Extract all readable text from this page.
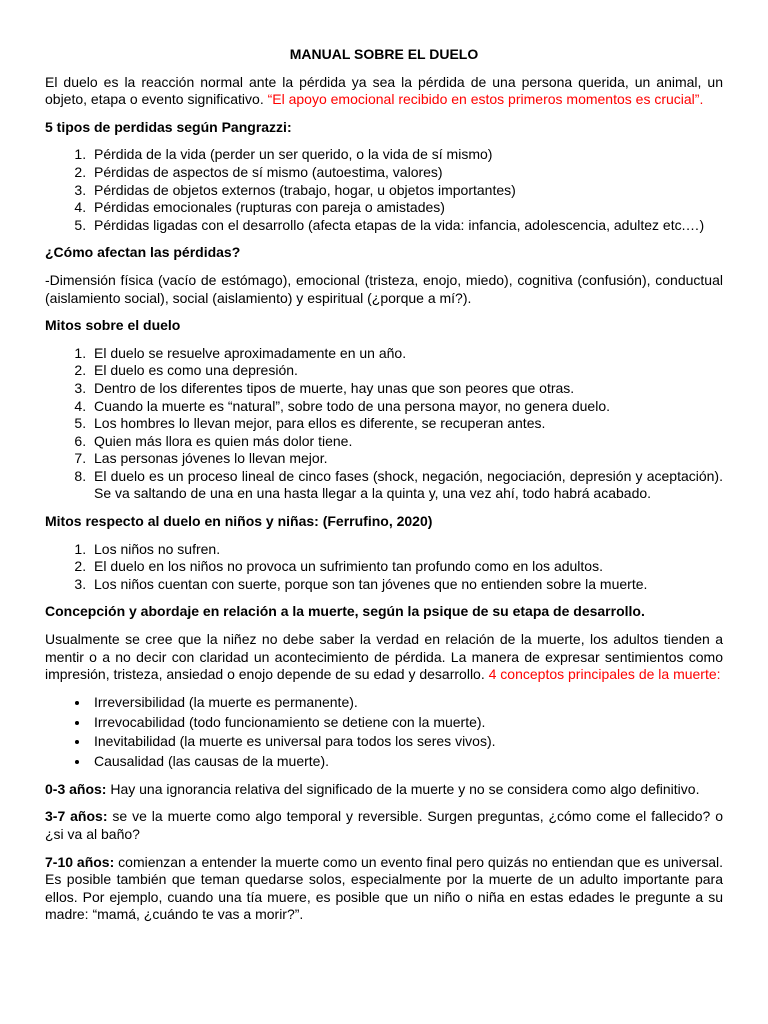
MANUAL SOBRE EL DUELO

El duelo es la reacción normal ante la pérdida ya sea la pérdida de una persona querida, un animal, un objeto, etapa o evento significativo. “El apoyo emocional recibido en estos primeros momentos es crucial”.

5 tipos de perdidas según Pangrazzi:
1. Pérdida de la vida (perder un ser querido, o la vida de sí mismo)
2. Pérdidas de aspectos de sí mismo (autoestima, valores)
3. Pérdidas de objetos externos (trabajo, hogar, u objetos importantes)
4. Pérdidas emocionales (rupturas con pareja o amistades)
5. Pérdidas ligadas con el desarrollo (afecta etapas de la vida: infancia, adolescencia, adultez etc.…)
¿Cómo afectan las pérdidas?

-Dimensión física (vacío de estómago), emocional (tristeza, enojo, miedo), cognitiva (confusión), conductual (aislamiento social), social (aislamiento) y espiritual (¿porque a mí?).

Mitos sobre el duelo
1. El duelo se resuelve aproximadamente en un año.
2. El duelo es como una depresión.
3. Dentro de los diferentes tipos de muerte, hay unas que son peores que otras.
4. Cuando la muerte es “natural”, sobre todo de una persona mayor, no genera duelo.
5. Los hombres lo llevan mejor, para ellos es diferente, se recuperan antes.
6. Quien más llora es quien más dolor tiene.
7. Las personas jóvenes lo llevan mejor.
8. El duelo es un proceso lineal de cinco fases (shock, negación, negociación, depresión y aceptación). Se va saltando de una en una hasta llegar a la quinta y, una vez ahí, todo habrá acabado.
Mitos respecto al duelo en niños y niñas: (Ferrufino, 2020)
1. Los niños no sufren.
2. El duelo en los niños no provoca un sufrimiento tan profundo como en los adultos.
3. Los niños cuentan con suerte, porque son tan jóvenes que no entienden sobre la muerte.
Concepción y abordaje en relación a la muerte, según la psique de su etapa de desarrollo.

Usualmente se cree que la niñez no debe saber la verdad en relación de la muerte, los adultos tienden a mentir o a no decir con claridad un acontecimiento de pérdida. La manera de expresar sentimientos como impresión, tristeza, ansiedad o enojo depende de su edad y desarrollo. 4 conceptos principales de la muerte:

• Irreversibilidad (la muerte es permanente).
• Irrevocabilidad (todo funcionamiento se detiene con la muerte).
• Inevitabilidad (la muerte es universal para todos los seres vivos).
• Causalidad (las causas de la muerte).

0-3 años: Hay una ignorancia relativa del significado de la muerte y no se considera como algo definitivo.

3-7 años: se ve la muerte como algo temporal y reversible. Surgen preguntas, ¿cómo come el fallecido? o ¿si va al baño?

7-10 años: comienzan a entender la muerte como un evento final pero quizás no entiendan que es universal. Es posible también que teman quedarse solos, especialmente por la muerte de un adulto importante para ellos. Por ejemplo, cuando una tía muere, es posible que un niño o niña en estas edades le pregunte a su madre: “mamá, ¿cuándo te vas a morir?”.
